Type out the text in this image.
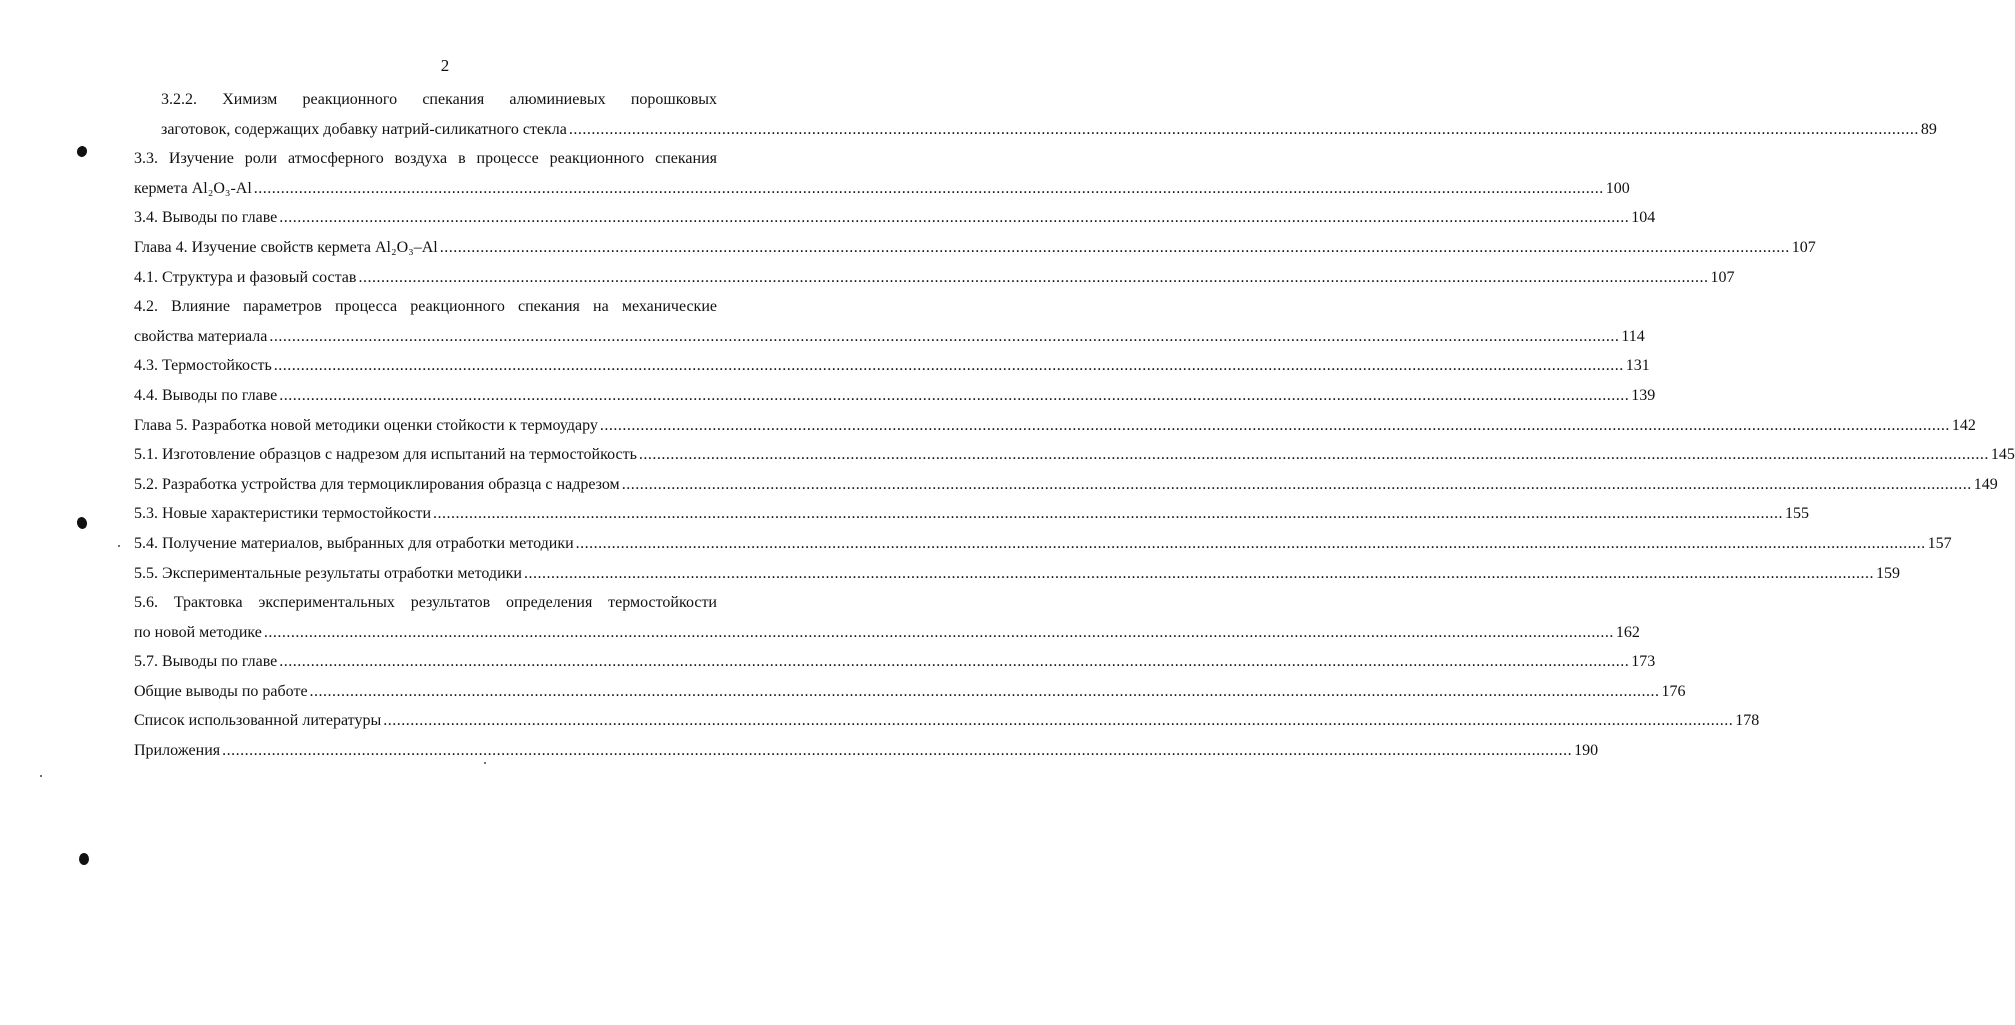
2
3.2.2. Химизм реакционного спекания алюминиевых порошковых
заготовок, содержащих добавку натрий-силикатного стекла ............................................................................................................................................................................................................................................................................................................ 89
3.3. Изучение роли атмосферного воздуха в процессе реакционного спекания
кермета Al₂O₃-Al ............................................................................................................................................................................................................................................................................................................ 100
3.4. Выводы по главе ............................................................................................................................................................................................................................................................................................................ 104
Глава 4. Изучение свойств кермета Al₂O₃–Al ............................................................................................................................................................................................................................................................................................................ 107
4.1. Структура и фазовый состав ............................................................................................................................................................................................................................................................................................................ 107
4.2. Влияние параметров процесса реакционного спекания на механические
свойства материала ............................................................................................................................................................................................................................................................................................................ 114
4.3. Термостойкость ............................................................................................................................................................................................................................................................................................................ 131
4.4. Выводы по главе ............................................................................................................................................................................................................................................................................................................ 139
Глава 5. Разработка новой методики оценки стойкости к термоудару ............................................................................................................................................................................................................................................................................................................ 142
5.1. Изготовление образцов с надрезом для испытаний на термостойкость ............................................................................................................................................................................................................................................................................................................ 145
5.2. Разработка устройства для термоциклирования образца с надрезом ............................................................................................................................................................................................................................................................................................................ 149
5.3. Новые характеристики термостойкости ............................................................................................................................................................................................................................................................................................................ 155
5.4. Получение материалов, выбранных для отработки методики ............................................................................................................................................................................................................................................................................................................ 157
5.5. Экспериментальные результаты отработки методики ............................................................................................................................................................................................................................................................................................................ 159
5.6. Трактовка экспериментальных результатов определения термостойкости
по новой методике ............................................................................................................................................................................................................................................................................................................ 162
5.7. Выводы по главе ............................................................................................................................................................................................................................................................................................................ 173
Общие выводы по работе ............................................................................................................................................................................................................................................................................................................ 176
Список использованной литературы ............................................................................................................................................................................................................................................................................................................ 178
Приложения ............................................................................................................................................................................................................................................................................................................ 190
